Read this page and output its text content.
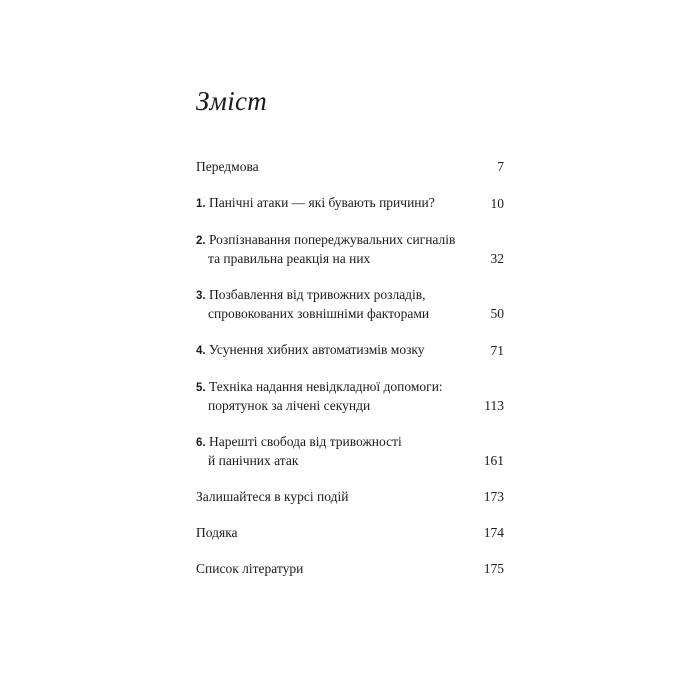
Зміст
Передмова	7
1. Панічні атаки — які бувають причини?	10
2. Розпізнавання попереджувальних сигналів
та правильна реакція на них	32
3. Позбавлення від тривожних розладів,
спровокованих зовнішніми факторами	50
4. Усунення хибних автоматизмів мозку	71
5. Техніка надання невідкладної допомоги:
порятунок за лічені секунди	113
6. Нарешті свобода від тривожності
й панічних атак	161
Залишайтеся в курсі подій	173
Подяка	174
Список літератури	175
